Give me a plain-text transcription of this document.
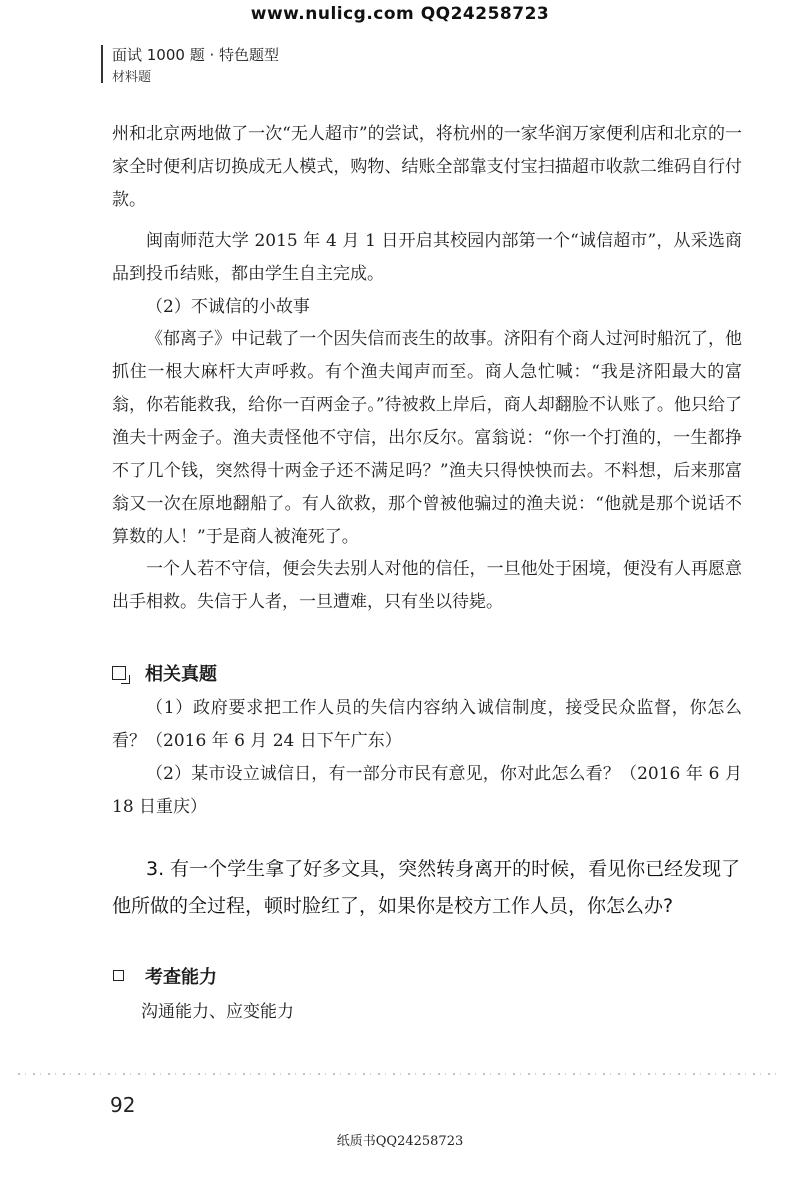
www.nulicg.com QQ24258723
面试 1000 题 · 特色题型
材料题
州和北京两地做了一次“无人超市”的尝试，将杭州的一家华润万家便利店和北京的一家全时便利店切换成无人模式，购物、结账全部靠支付宝扫描超市收款二维码自行付款。
闽南师范大学 2015 年 4 月 1 日开启其校园内部第一个“诚信超市”，从采选商品到投币结账，都由学生自主完成。
（2）不诚信的小故事
《郁离子》中记载了一个因失信而丧生的故事。济阳有个商人过河时船沉了，他抓住一根大麻杆大声呼救。有个渔夫闻声而至。商人急忙喊：“我是济阳最大的富翁，你若能救我，给你一百两金子。”待被救上岸后，商人却翻脸不认账了。他只给了渔夫十两金子。渔夫责怪他不守信，出尔反尔。富翁说：“你一个打渔的，一生都挣不了几个钱，突然得十两金子还不满足吗？”渔夫只得怏怏而去。不料想，后来那富翁又一次在原地翻船了。有人欲救，那个曾被他骗过的渔夫说：“他就是那个说话不算数的人！”于是商人被淹死了。
一个人若不守信，便会失去别人对他的信任，一旦他处于困境，便没有人再愿意出手相救。失信于人者，一旦遭难，只有坐以待毙。
相关真题
（1）政府要求把工作人员的失信内容纳入诚信制度，接受民众监督，你怎么看？（2016 年 6 月 24 日下午广东）
（2）某市设立诚信日，有一部分市民有意见，你对此怎么看？（2016 年 6 月 18 日重庆）
3. 有一个学生拿了好多文具，突然转身离开的时候，看见你已经发现了他所做的全过程，顿时脸红了，如果你是校方工作人员，你怎么办?
考查能力
沟通能力、应变能力
92
纸质书QQ24258723
